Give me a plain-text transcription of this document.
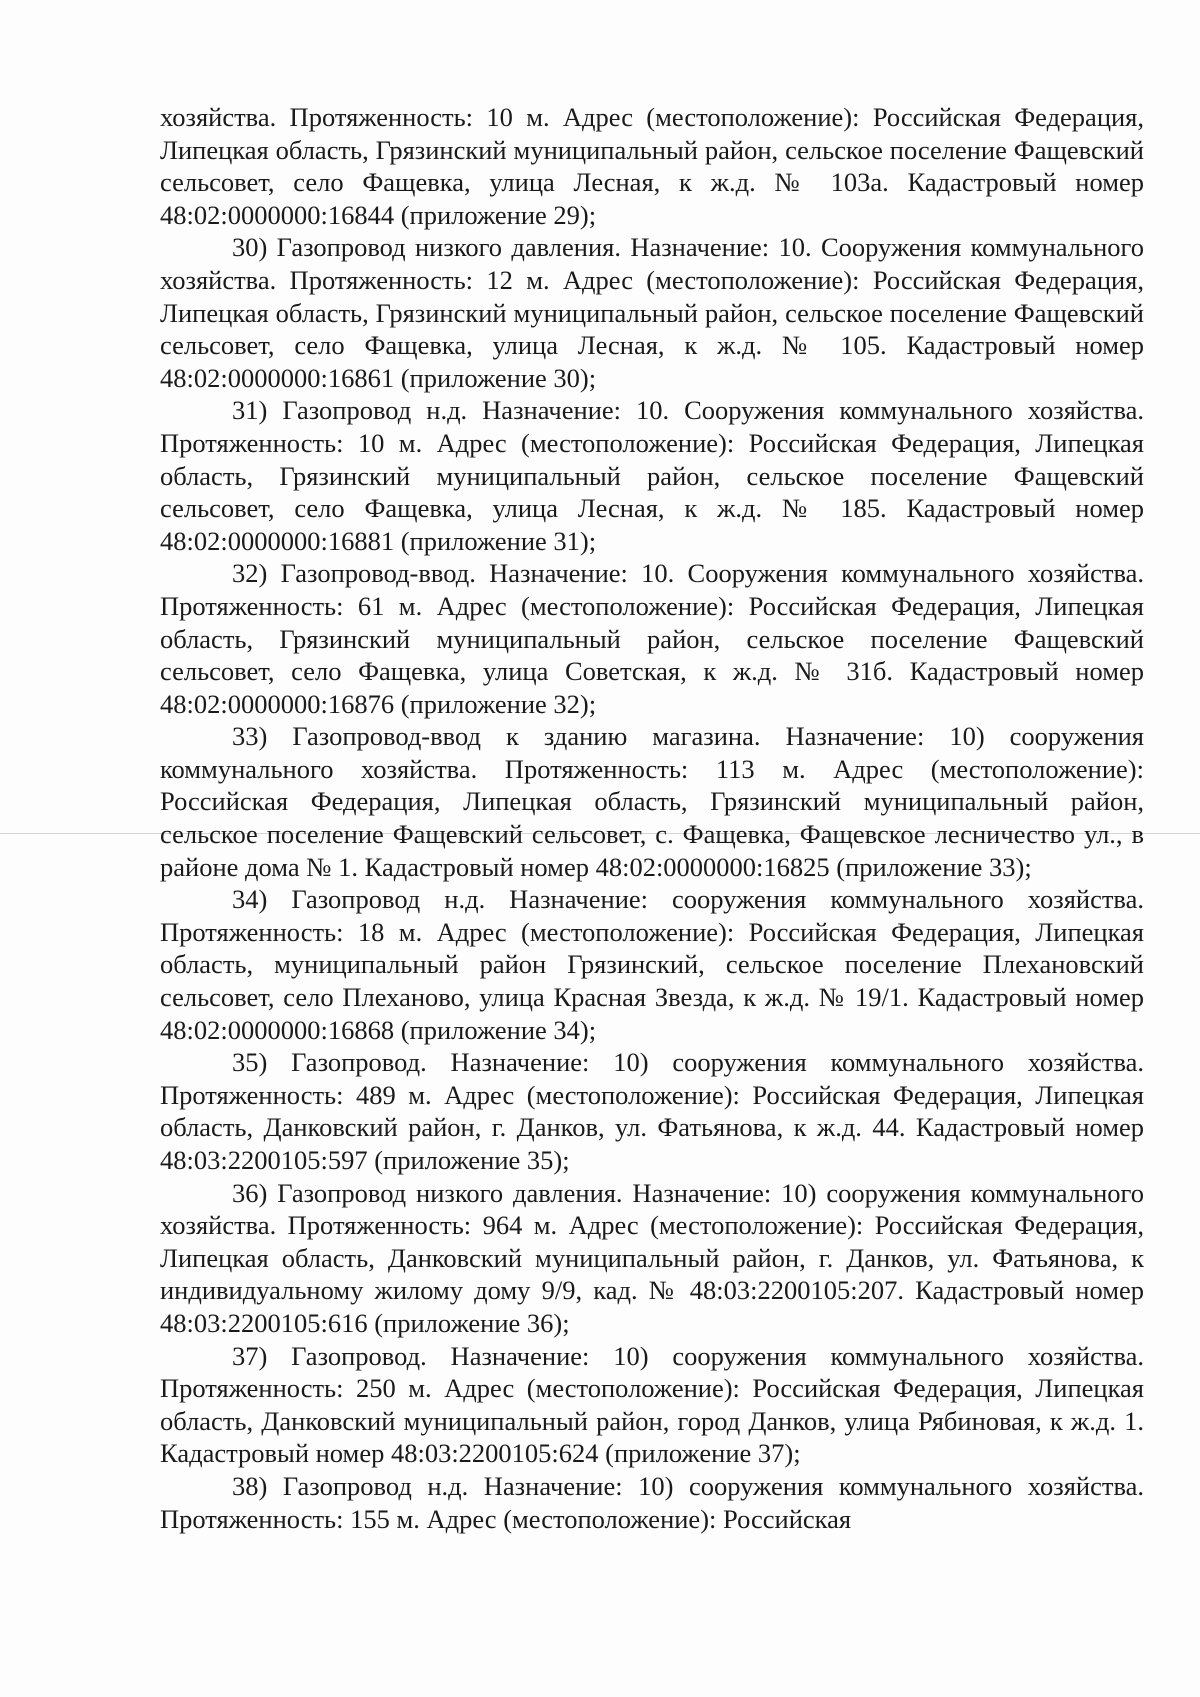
хозяйства. Протяженность: 10 м. Адрес (местоположение): Российская Федерация, Липецкая область, Грязинский муниципальный район, сельское поселение Фащевский сельсовет, село Фащевка, улица Лесная, к ж.д. № 103а. Кадастровый номер 48:02:0000000:16844 (приложение 29);

30) Газопровод низкого давления. Назначение: 10. Сооружения коммунального хозяйства. Протяженность: 12 м. Адрес (местоположение): Российская Федерация, Липецкая область, Грязинский муниципальный район, сельское поселение Фащевский сельсовет, село Фащевка, улица Лесная, к ж.д. № 105. Кадастровый номер 48:02:0000000:16861 (приложение 30);

31) Газопровод н.д. Назначение: 10. Сооружения коммунального хозяйства. Протяженность: 10 м. Адрес (местоположение): Российская Федерация, Липецкая область, Грязинский муниципальный район, сельское поселение Фащевский сельсовет, село Фащевка, улица Лесная, к ж.д. № 185. Кадастровый номер 48:02:0000000:16881 (приложение 31);

32) Газопровод-ввод. Назначение: 10. Сооружения коммунального хозяйства. Протяженность: 61 м. Адрес (местоположение): Российская Федерация, Липецкая область, Грязинский муниципальный район, сельское поселение Фащевский сельсовет, село Фащевка, улица Советская, к ж.д. № 31б. Кадастровый номер 48:02:0000000:16876 (приложение 32);

33) Газопровод-ввод к зданию магазина. Назначение: 10) сооружения коммунального хозяйства. Протяженность: 113 м. Адрес (местоположение): Российская Федерация, Липецкая область, Грязинский муниципальный район, сельское поселение Фащевский сельсовет, с. Фащевка, Фащевское лесничество ул., в районе дома № 1. Кадастровый номер 48:02:0000000:16825 (приложение 33);

34) Газопровод н.д. Назначение: сооружения коммунального хозяйства. Протяженность: 18 м. Адрес (местоположение): Российская Федерация, Липецкая область, муниципальный район Грязинский, сельское поселение Плехановский сельсовет, село Плеханово, улица Красная Звезда, к ж.д. № 19/1. Кадастровый номер 48:02:0000000:16868 (приложение 34);

35) Газопровод. Назначение: 10) сооружения коммунального хозяйства. Протяженность: 489 м. Адрес (местоположение): Российская Федерация, Липецкая область, Данковский район, г. Данков, ул. Фатьянова, к ж.д. 44. Кадастровый номер 48:03:2200105:597 (приложение 35);

36) Газопровод низкого давления. Назначение: 10) сооружения коммунального хозяйства. Протяженность: 964 м. Адрес (местоположение): Российская Федерация, Липецкая область, Данковский муниципальный район, г. Данков, ул. Фатьянова, к индивидуальному жилому дому 9/9, кад. № 48:03:2200105:207. Кадастровый номер 48:03:2200105:616 (приложение 36);

37) Газопровод. Назначение: 10) сооружения коммунального хозяйства. Протяженность: 250 м. Адрес (местоположение): Российская Федерация, Липецкая область, Данковский муниципальный район, город Данков, улица Рябиновая, к ж.д. 1. Кадастровый номер 48:03:2200105:624 (приложение 37);

38) Газопровод н.д. Назначение: 10) сооружения коммунального хозяйства. Протяженность: 155 м. Адрес (местоположение): Российская
